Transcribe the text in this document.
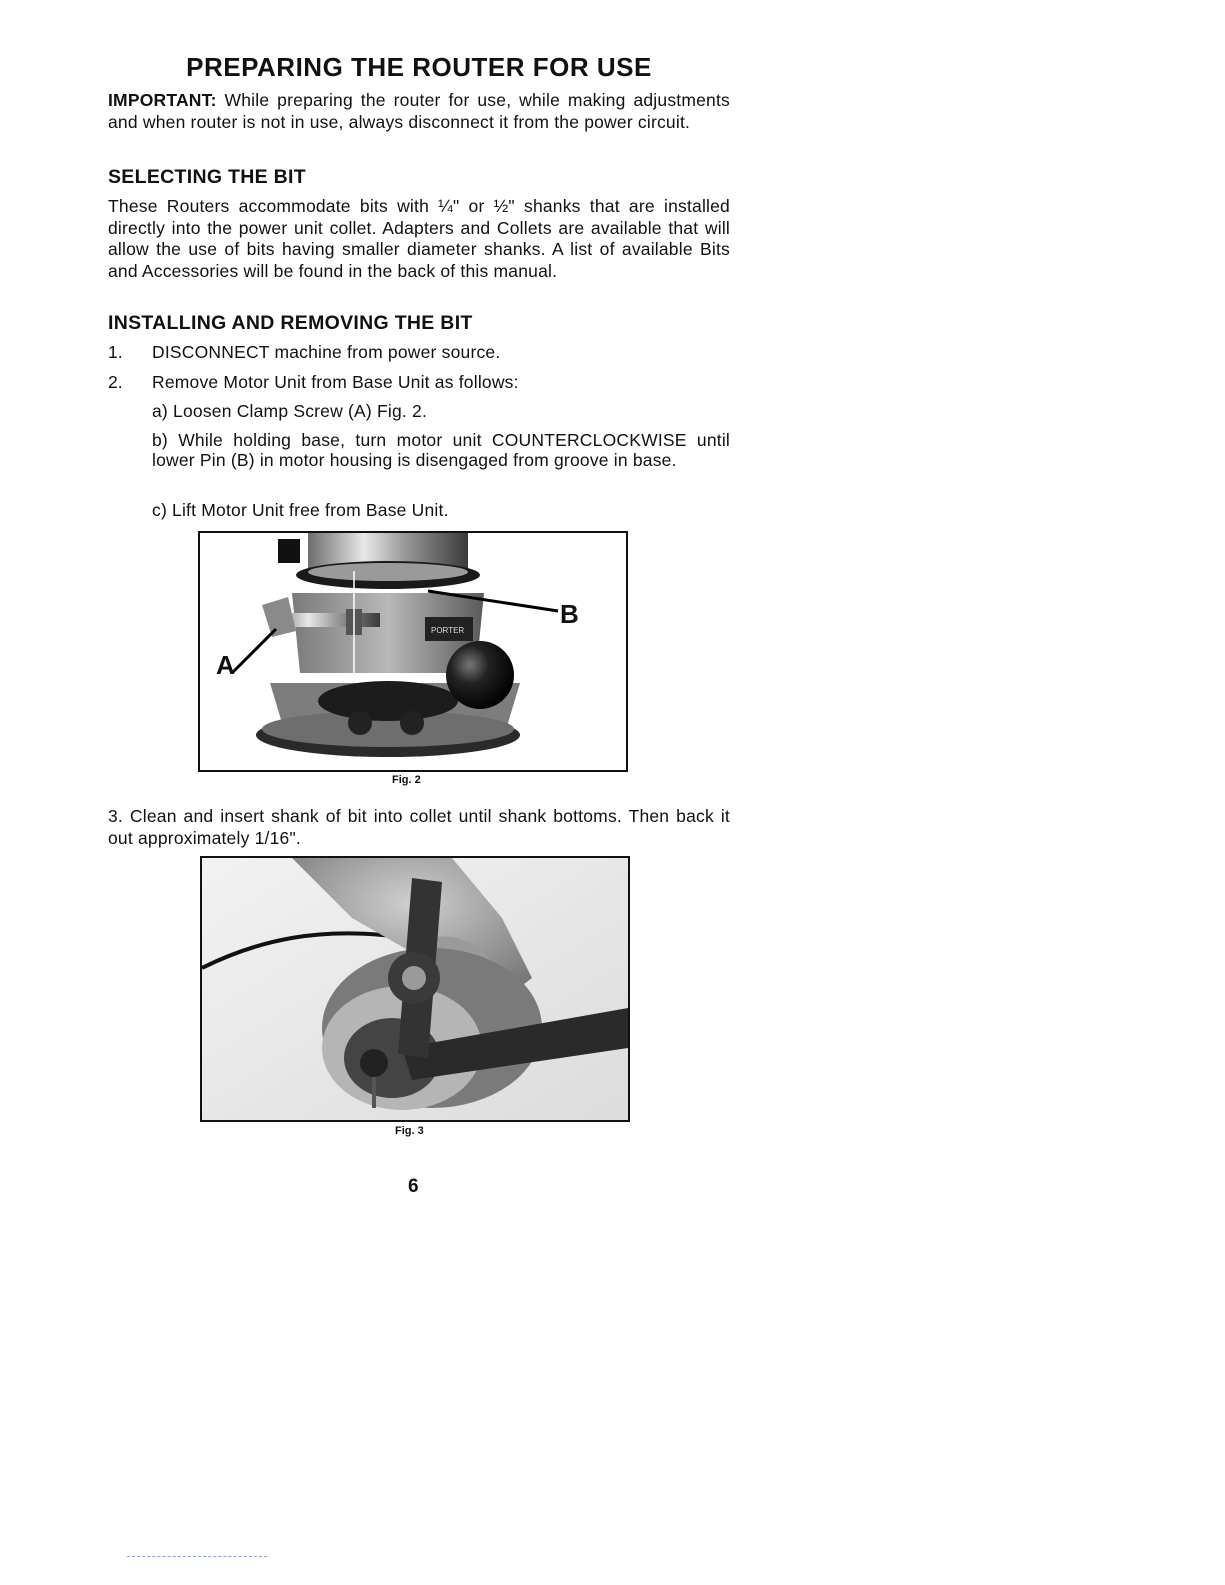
PREPARING THE ROUTER FOR USE
IMPORTANT: While preparing the router for use, while making adjustments and when router is not in use, always disconnect it from the power circuit.
SELECTING THE BIT
These Routers accommodate bits with ¼" or ½" shanks that are installed directly into the power unit collet. Adapters and Collets are available that will allow the use of bits having smaller diameter shanks. A list of available Bits and Accessories will be found in the back of this manual.
INSTALLING AND REMOVING THE BIT
1. DISCONNECT machine from power source.
2. Remove Motor Unit from Base Unit as follows:
a) Loosen Clamp Screw (A) Fig. 2.
b) While holding base, turn motor unit COUNTERCLOCKWISE until lower Pin (B) in motor housing is disengaged from groove in base.
c) Lift Motor Unit free from Base Unit.
PORTER
A
B
Fig. 2
3. Clean and insert shank of bit into collet until shank bottoms. Then back it out approximately 1/16".
Fig. 3
6
